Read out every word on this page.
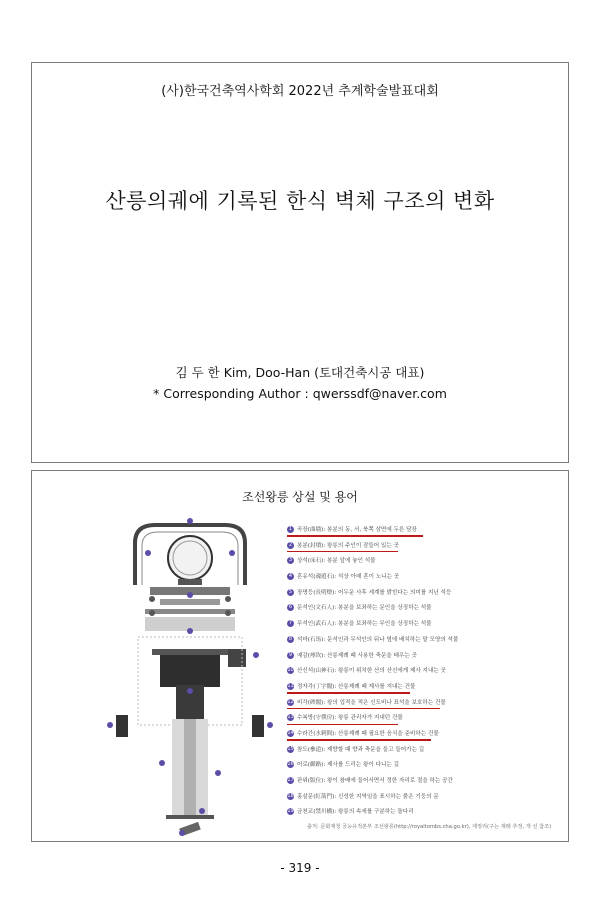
(사)한국건축역사학회 2022년 추계학술발표대회
산릉의궤에 기록된 한식 벽체 구조의 변화
김 두 한 Kim, Doo-Han (토대건축시공 대표)
* Corresponding Author : qwerssdf@naver.com
조선왕릉 상설 및 용어
1 곡장(曲墻): 봉분의 동, 서, 북쪽 삼면에 두른 담장
2 봉분(封墳): 왕릉의 주인이 잠들어 있는 곳
3 상석(床石): 봉분 앞에 놓인 석물
4 혼유석(魂遊石): 석상 아래 혼이 노니는 곳
5 장명등(長明燈): 어두운 사후 세계를 밝힌다는 의미를 지닌 석등
6 문석인(文石人): 봉분을 보좌하는 문인을 상징하는 석물
7 무석인(武石人): 봉분을 보좌하는 무인을 상징하는 석물
8 석마(石馬): 문석인과 무석인의 뒤나 옆에 배치하는 말 모양의 석물
9 예감(瘞坎): 산릉제례 때 사용한 축문을 태우는 곳
10 산신석(山神石): 왕릉이 위치한 산의 산신에게 제사 지내는 곳
11 정자각(丁字閣): 산릉제례 때 제사를 지내는 건물
12 비각(碑閣): 왕의 업적을 적은 신도비나 표석을 보호하는 건물
13 수복방(守僕房): 왕릉 관리자가 지내던 건물
14 수라간(水剌間): 산릉제례 때 필요한 음식을 준비하는 건물
15 참도(參道): 제향할 때 향과 축문을 들고 들어가는 길
16 어로(御路): 제사를 드리는 왕이 다니는 길
17 판위(版位): 왕이 참배에 들어서면서 정한 자리로 절을 하는 공간
18 홍살문(紅箭門): 신성한 지역임을 표시하는 붉은 기둥의 문
19 금천교(禁川橋): 왕릉의 속세를 구분하는 돌다리
출처: 문화재청 궁능유적본부 조선왕릉(http://royaltombs.cha.go.kr), 재정리(구는 재래 추정, 개 선 참조)
- 319 -
